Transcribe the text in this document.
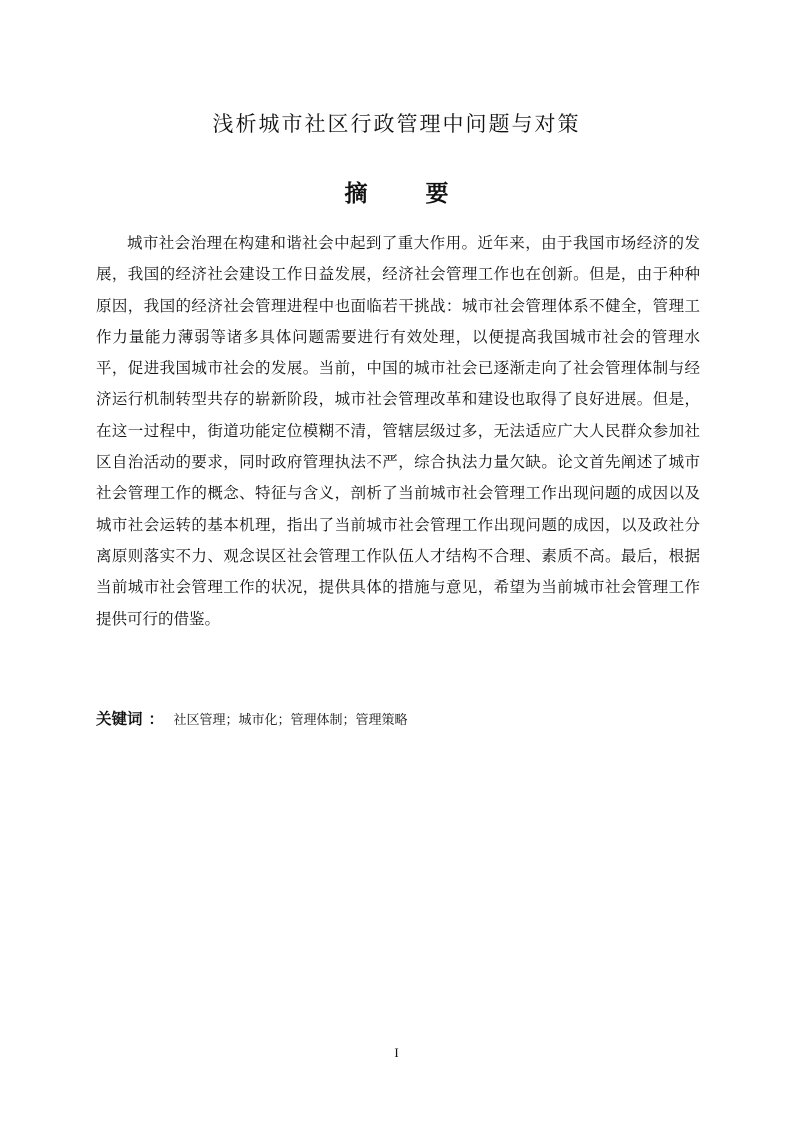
浅析城市社区行政管理中问题与对策
摘	要

城市社会治理在构建和谐社会中起到了重大作用。近年来，由于我国市场经济的发展，我国的经济社会建设工作日益发展，经济社会管理工作也在创新。但是，由于种种原因，我国的经济社会管理进程中也面临若干挑战：城市社会管理体系不健全，管理工作力量能力薄弱等诸多具体问题需要进行有效处理，以便提高我国城市社会的管理水平，促进我国城市社会的发展。当前，中国的城市社会已逐渐走向了社会管理体制与经济运行机制转型共存的崭新阶段，城市社会管理改革和建设也取得了良好进展。但是，在这一过程中，街道功能定位模糊不清，管辖层级过多，无法适应广大人民群众参加社区自治活动的要求，同时政府管理执法不严，综合执法力量欠缺。论文首先阐述了城市社会管理工作的概念、特征与含义，剖析了当前城市社会管理工作出现问题的成因以及城市社会运转的基本机理，指出了当前城市社会管理工作出现问题的成因，以及政社分离原则落实不力、观念误区社会管理工作队伍人才结构不合理、素质不高。最后，根据当前城市社会管理工作的状况，提供具体的措施与意见，希望为当前城市社会管理工作提供可行的借鉴。

关键词 ： 社区管理；城市化；管理体制；管理策略
I
